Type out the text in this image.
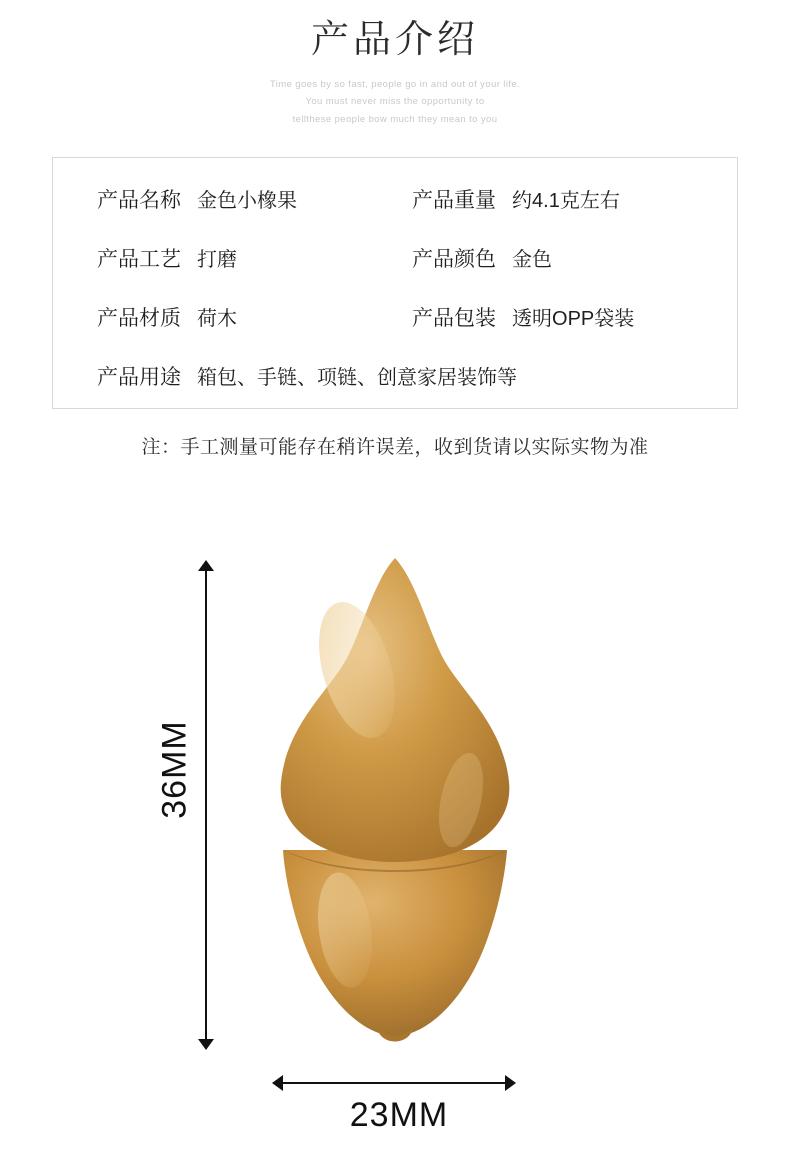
产品介绍
Time goes by so fast, people go in and out of your life.
You must never miss the opportunity to
tellthese people bow much they mean to you
产品名称 金色小橡果	产品重量 约4.1克左右
产品工艺 打磨	产品颜色 金色
产品材质 荷木	产品包装 透明OPP袋装
产品用途 箱包、手链、项链、创意家居装饰等
注：手工测量可能存在稍许误差，收到货请以实际实物为准
36MM
23MM
